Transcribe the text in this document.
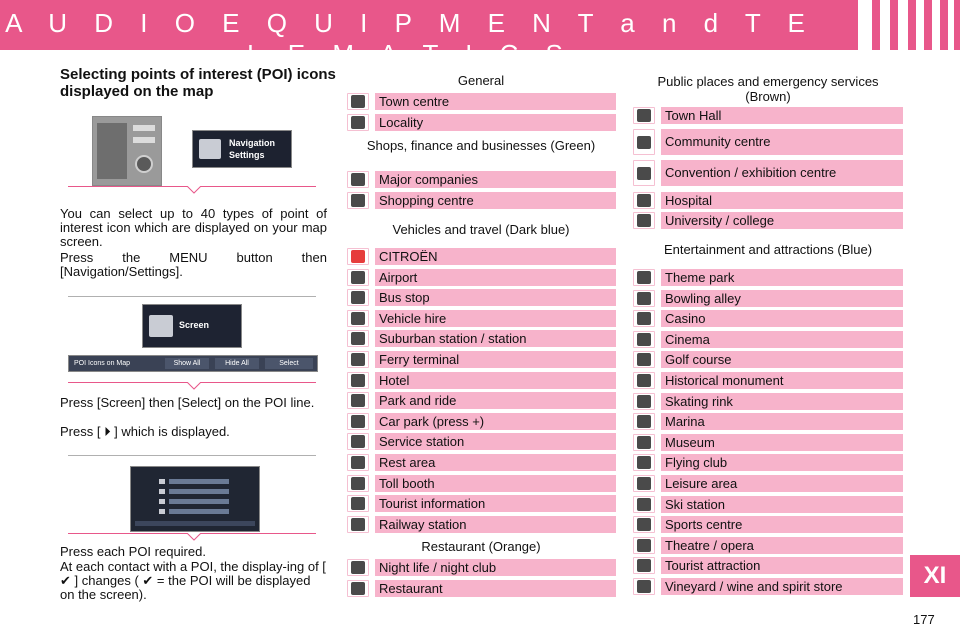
A U D I O E Q U I P M E N T a n d T E L E M A T I C S
XI
Selecting points of interest (POI) icons displayed on the map
Navigation
Settings

You can select up to 40 types of point of interest icon which are displayed on your map screen.

Press the MENU button then [Navigation/Settings].

Screen
POI Icons on Map	Show All	Hide All	Select

Press [Screen] then [Select] on the POI line.

Press [ ⏵ ] which is displayed.

Press each POI required.

At each contact with a POI, the display-ing of [ ✔ ] changes ( ✔ = the POI will be displayed on the screen).

General
Town centre
Locality
Shops, finance and businesses (Green)
Major companies
Shopping centre
Vehicles and travel (Dark blue)
CITROËN
Airport
Bus stop
Vehicle hire
Suburban station / station
Ferry terminal
Hotel
Park and ride
Car park (press +)
Service station
Rest area
Toll booth
Tourist information
Railway station
Restaurant (Orange)
Night life / night club
Restaurant
Public places and emergency services (Brown)
Town Hall
Community centre
Convention / exhibition centre
Hospital
University / college
Entertainment and attractions (Blue)
Theme park
Bowling alley
Casino
Cinema
Golf course
Historical monument
Skating rink
Marina
Museum
Flying club
Leisure area
Ski station
Sports centre
Theatre / opera
Tourist attraction
Vineyard / wine and spirit store
177
